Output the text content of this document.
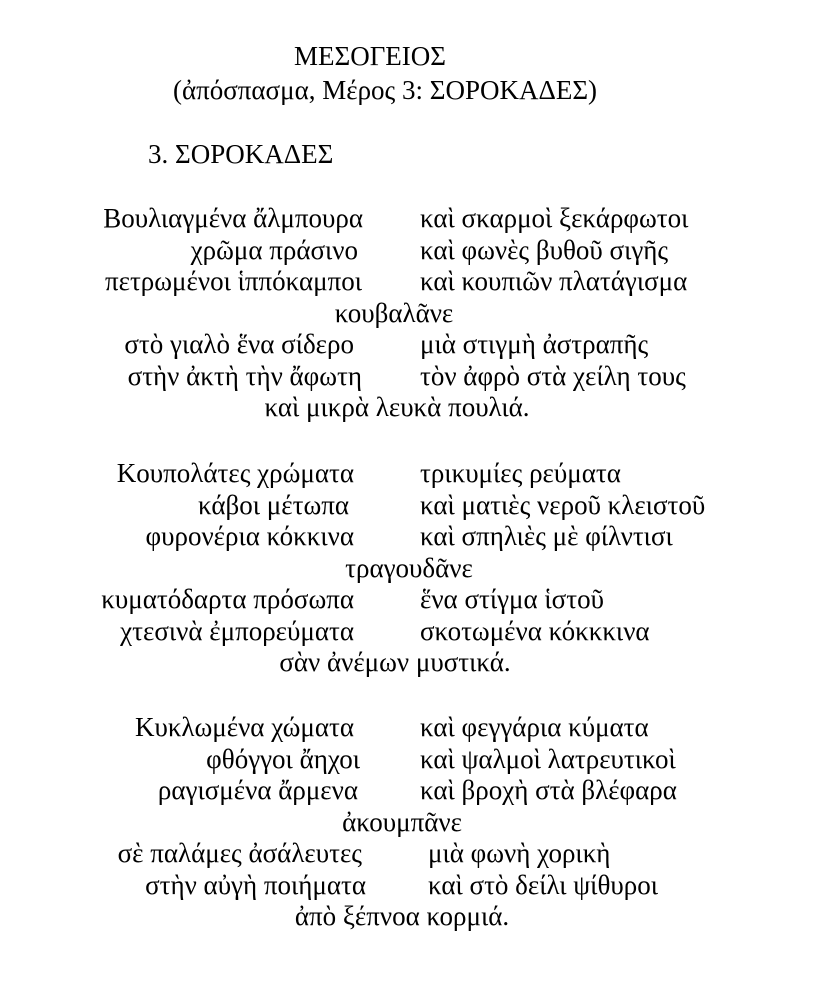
ΜΕΣΟΓΕΙΟΣ
(ἀπόσπασμα, Μέρος 3: ΣΟΡΟΚΑΔΕΣ)
3. ΣΟΡΟΚΑΔΕΣ
Βουλιαγμένα ἄλμπουρα καὶ σκαρμοὶ ξεκάρφωτοι
χρῶμα πράσινο καὶ φωνὲς βυθοῦ σιγῆς
πετρωμένοι ἱππόκαμποι καὶ κουπιῶν πλατάγισμα
κουβαλᾶνε
στὸ γιαλὸ ἕνα σίδερο μιὰ στιγμὴ ἀστραπῆς
στὴν ἀκτὴ τὴν ἄφωτη τὸν ἀφρὸ στὰ χείλη τους
καὶ μικρὰ λευκὰ πουλιά.
Κουπολάτες χρώματα τρικυμίες ρεύματα
κάβοι μέτωπα	καὶ ματιὲς νεροῦ κλειστοῦ
φυρονέρια κόκκινα καὶ σπηλιὲς μὲ φίλντισι
τραγουδᾶνε
κυματόδαρτα πρόσωπα ἕνα στίγμα ἱστοῦ
χτεσινὰ ἐμπορεύματα σκοτωμένα κόκκκινα
σὰν ἀνέμων μυστικά.
Κυκλωμένα χώματα καὶ φεγγάρια κύματα
φθόγγοι ἄηχοι καὶ ψαλμοὶ λατρευτικοὶ
ραγισμένα ἄρμενα καὶ βροχὴ στὰ βλέφαρα
ἀκουμπᾶνε
σὲ παλάμες ἀσάλευτες μιὰ φωνὴ χορικὴ
στὴν αὐγὴ ποιήματα καὶ στὸ δείλι ψίθυροι
ἀπὸ ξέπνοα κορμιά.
